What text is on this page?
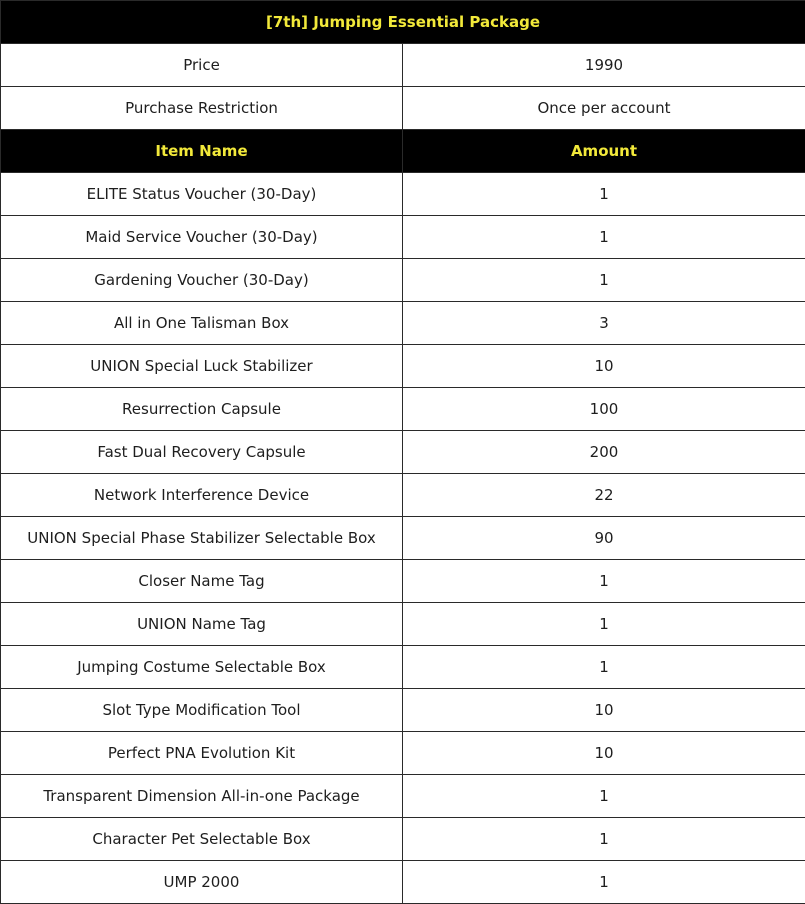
[7th] Jumping Essential Package	
Price	1990
Purchase Restriction	Once per account
Item Name	Amount
ELITE Status Voucher (30-Day)	1
Maid Service Voucher (30-Day)	1
Gardening Voucher (30-Day)	1
All in One Talisman Box	3
UNION Special Luck Stabilizer	10
Resurrection Capsule	100
Fast Dual Recovery Capsule	200
Network Interference Device	22
UNION Special Phase Stabilizer Selectable Box	90
Closer Name Tag	1
UNION Name Tag	1
Jumping Costume Selectable Box	1
Slot Type Modification Tool	10
Perfect PNA Evolution Kit	10
Transparent Dimension All-in-one Package	1
Character Pet Selectable Box	1
UMP 2000	1
